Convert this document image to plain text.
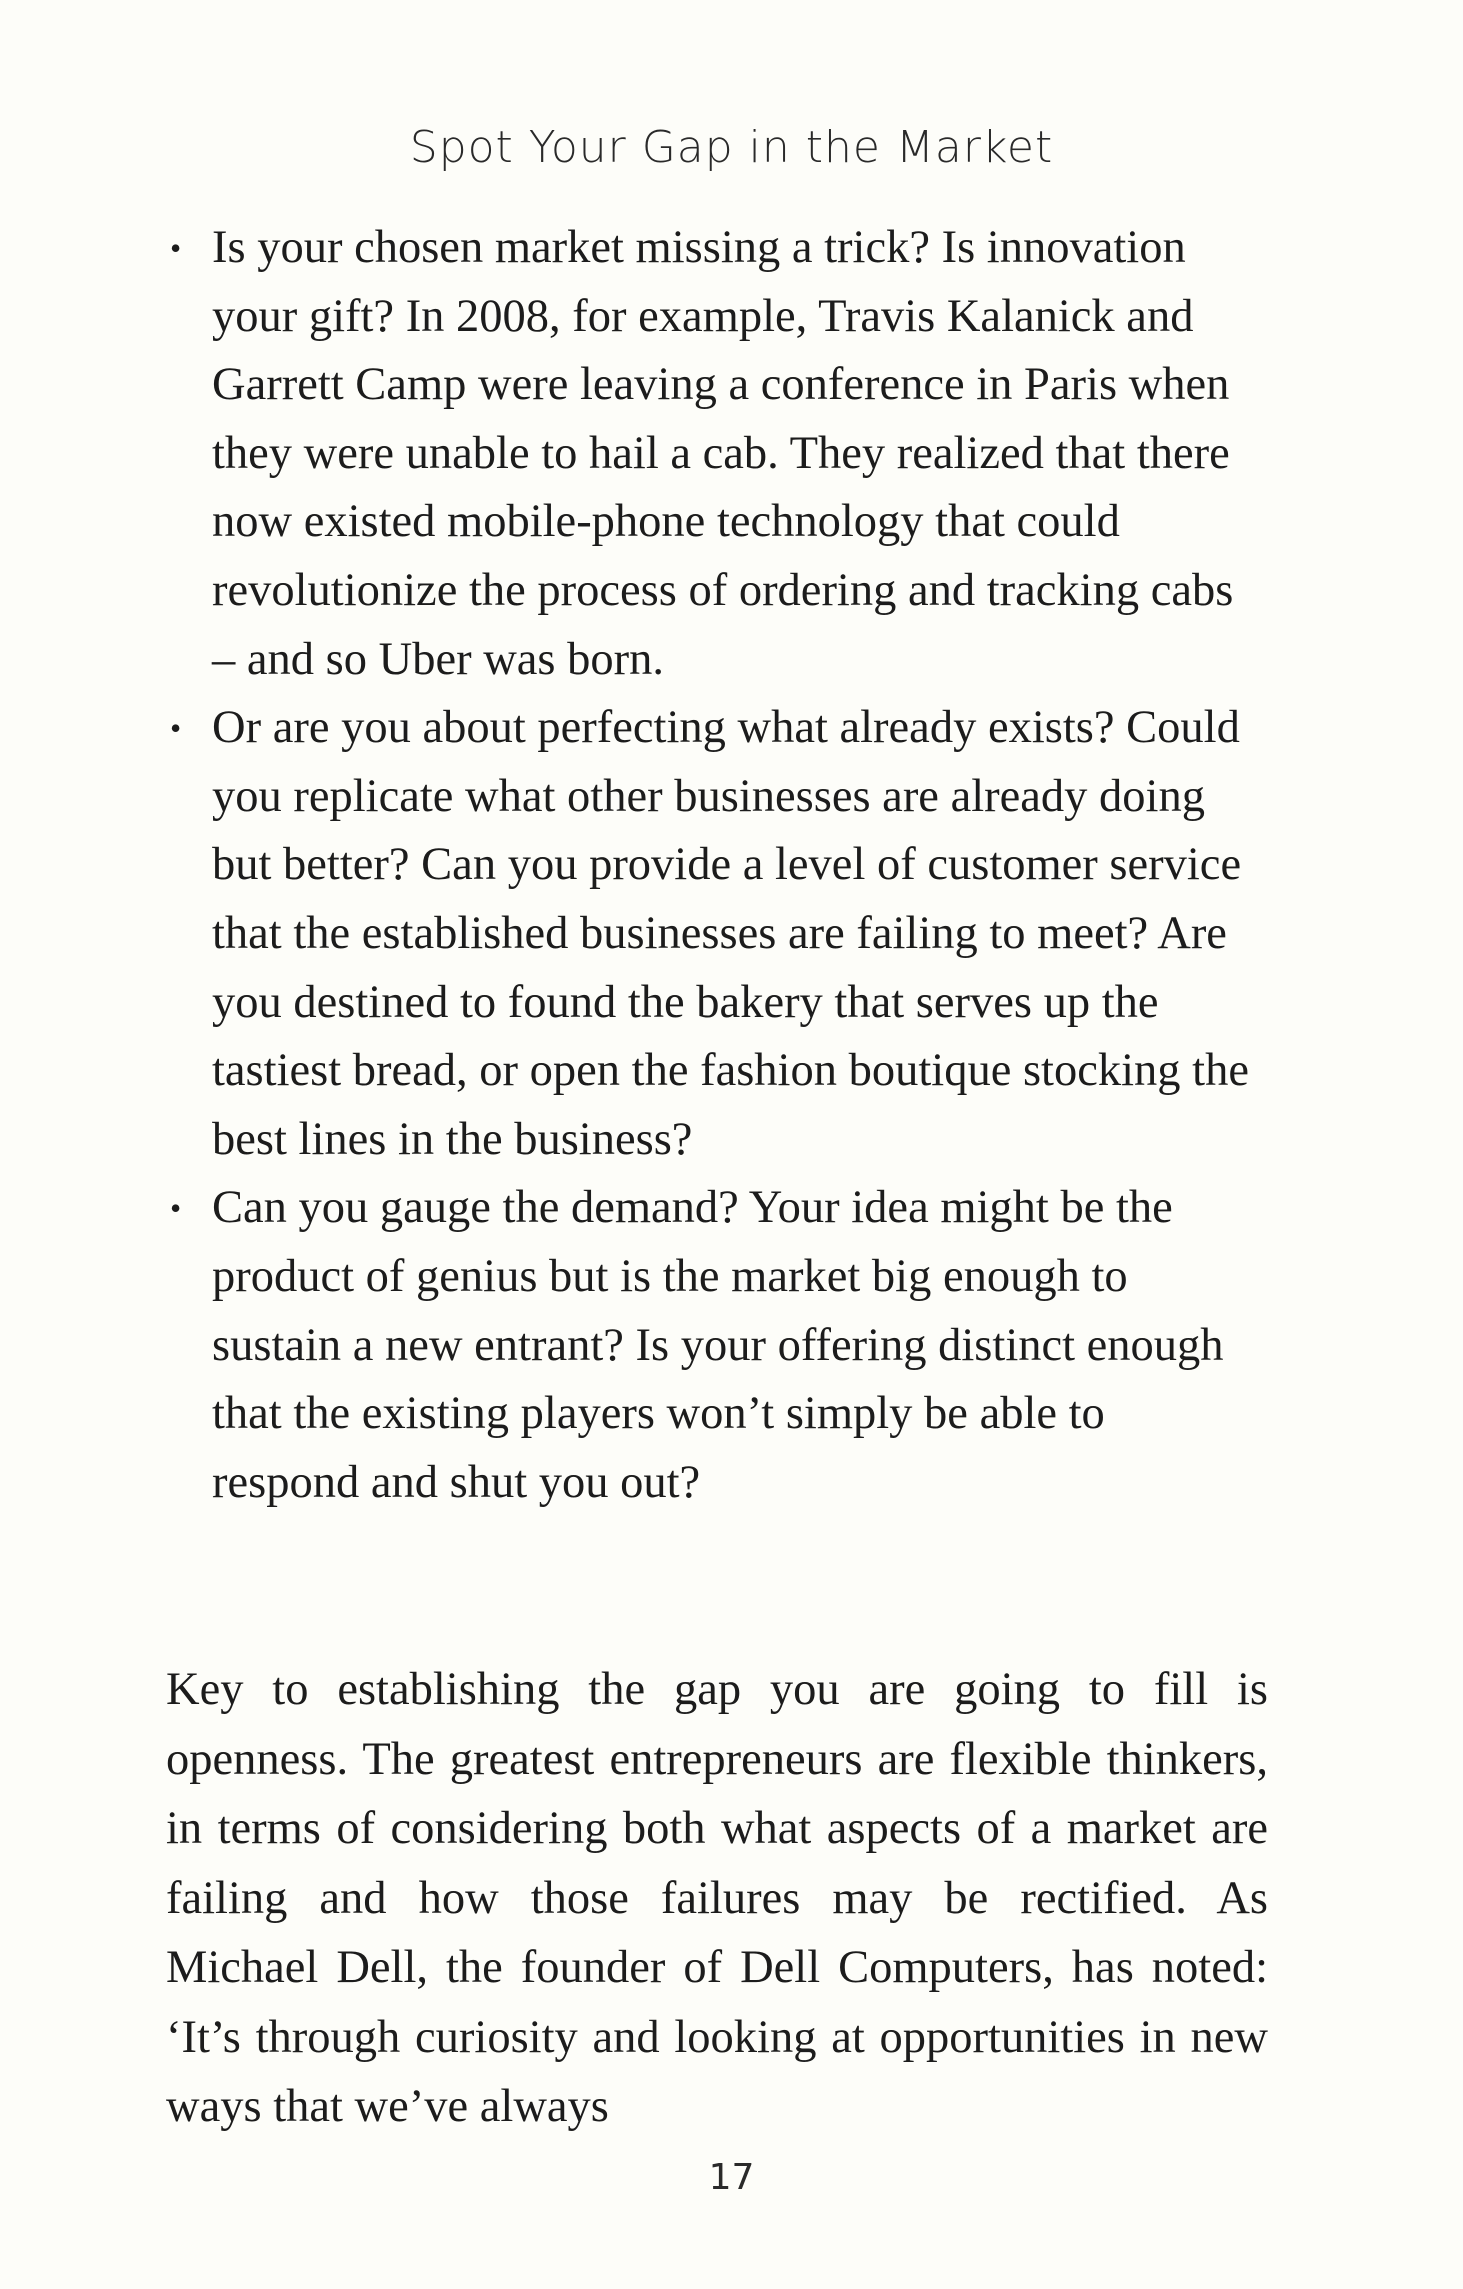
Spot Your Gap in the Market
• Is your chosen market missing a trick? Is innovation your gift? In 2008, for example, Travis Kalanick and Garrett Camp were leaving a conference in Paris when they were unable to hail a cab. They realized that there now existed mobile-phone technology that could revolutionize the process of ordering and tracking cabs – and so Uber was born.
• Or are you about perfecting what already exists? Could you replicate what other businesses are already doing but better? Can you provide a level of customer service that the established businesses are failing to meet? Are you destined to found the bakery that serves up the tastiest bread, or open the fashion boutique stocking the best lines in the business?
• Can you gauge the demand? Your idea might be the product of genius but is the market big enough to sustain a new entrant? Is your offering distinct enough that the existing players won’t simply be able to respond and shut you out?

Key to establishing the gap you are going to fill is openness. The greatest entrepreneurs are flexible thinkers, in terms of considering both what aspects of a market are failing and how those failures may be rectified. As Michael Dell, the founder of Dell Computers, has noted: ‘It’s through curiosity and looking at opportunities in new ways that we’ve always

17
